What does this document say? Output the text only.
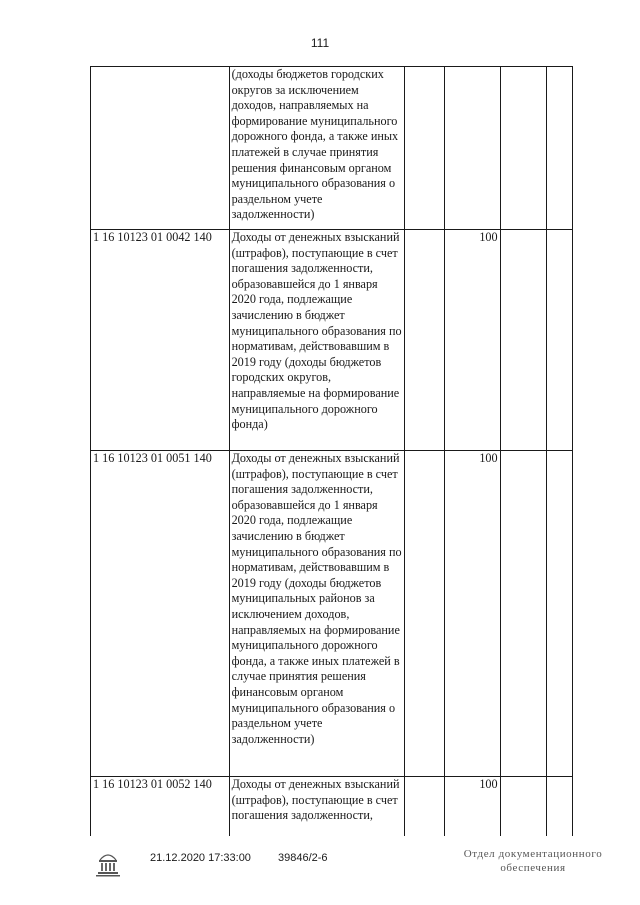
111
	(доходы бюджетов городских округов за исключением доходов, направляемых на формирование муниципального дорожного фонда, а также иных платежей в случае принятия решения финансовым органом муниципального образования о раздельном учете задолженности)				
1 16 10123 01 0042 140	Доходы от денежных взысканий (штрафов), поступающие в счет погашения задолженности, образовавшейся до 1 января 2020 года, подлежащие зачислению в бюджет муниципального образования по нормативам, действовавшим в 2019 году (доходы бюджетов городских округов, направляемые на формирование муниципального дорожного фонда)		100		
1 16 10123 01 0051 140	Доходы от денежных взысканий (штрафов), поступающие в счет погашения задолженности, образовавшейся до 1 января 2020 года, подлежащие зачислению в бюджет муниципального образования по нормативам, действовавшим в 2019 году (доходы бюджетов муниципальных районов за исключением доходов, направляемых на формирование муниципального дорожного фонда, а также иных платежей в случае принятия решения финансовым органом муниципального образования о раздельном учете задолженности)		100		
1 16 10123 01 0052 140	Доходы от денежных взысканий (штрафов), поступающие в счет погашения задолженности,		100		
21.12.2020 17:33:00 39846/2-6	Отдел документационного
обеспечения
